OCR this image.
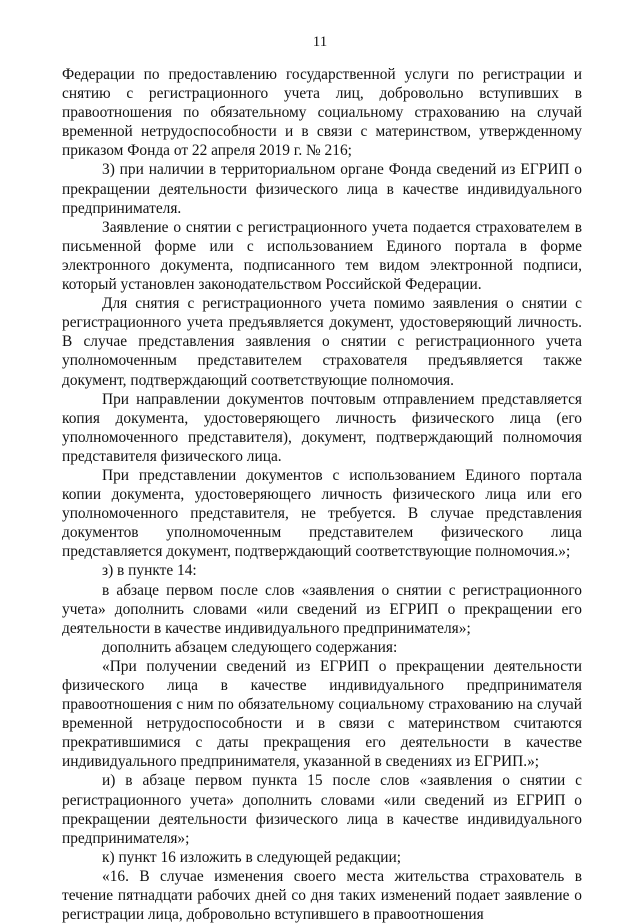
11

Федерации по предоставлению государственной услуги по регистрации и снятию с регистрационного учета лиц, добровольно вступивших в правоотношения по обязательному социальному страхованию на случай временной нетрудоспособности и в связи с материнством, утвержденному приказом Фонда от 22 апреля 2019 г. № 216;

3) при наличии в территориальном органе Фонда сведений из ЕГРИП о прекращении деятельности физического лица в качестве индивидуального предпринимателя.

Заявление о снятии с регистрационного учета подается страхователем в письменной форме или с использованием Единого портала в форме электронного документа, подписанного тем видом электронной подписи, который установлен законодательством Российской Федерации.

Для снятия с регистрационного учета помимо заявления о снятии с регистрационного учета предъявляется документ, удостоверяющий личность. В случае представления заявления о снятии с регистрационного учета уполномоченным представителем страхователя предъявляется также документ, подтверждающий соответствующие полномочия.

При направлении документов почтовым отправлением представляется копия документа, удостоверяющего личность физического лица (его уполномоченного представителя), документ, подтверждающий полномочия представителя физического лица.

При представлении документов с использованием Единого портала копии документа, удостоверяющего личность физического лица или его уполномоченного представителя, не требуется. В случае представления документов уполномоченным представителем физического лица представляется документ, подтверждающий соответствующие полномочия.»;

з) в пункте 14:

в абзаце первом после слов «заявления о снятии с регистрационного учета» дополнить словами «или сведений из ЕГРИП о прекращении его деятельности в качестве индивидуального предпринимателя»;

дополнить абзацем следующего содержания:

«При получении сведений из ЕГРИП о прекращении деятельности физического лица в качестве индивидуального предпринимателя правоотношения с ним по обязательному социальному страхованию на случай временной нетрудоспособности и в связи с материнством считаются прекратившимися с даты прекращения его деятельности в качестве индивидуального предпринимателя, указанной в сведениях из ЕГРИП.»;

и) в абзаце первом пункта 15 после слов «заявления о снятии с регистрационного учета» дополнить словами «или сведений из ЕГРИП о прекращении деятельности физического лица в качестве индивидуального предпринимателя»;

к) пункт 16 изложить в следующей редакции;

«16. В случае изменения своего места жительства страхователь в течение пятнадцати рабочих дней со дня таких изменений подает заявление о регистрации лица, добровольно вступившего в правоотношения
